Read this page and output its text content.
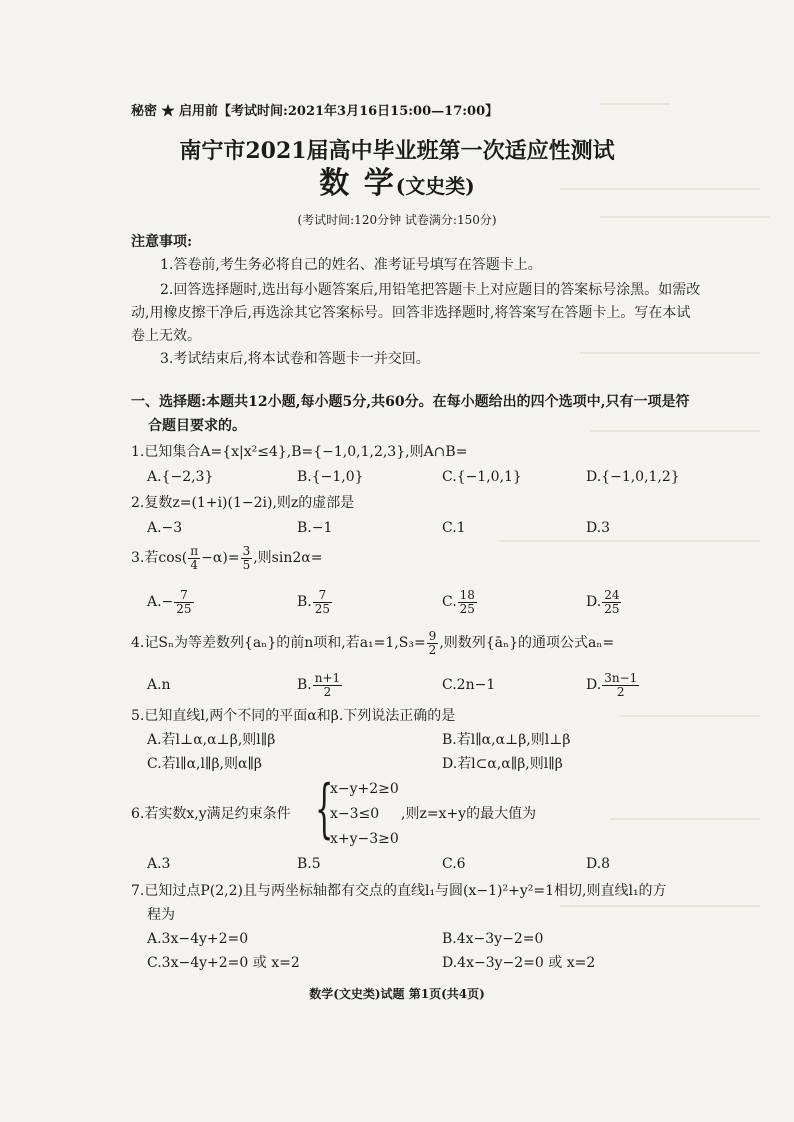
秘密 ★ 启用前【考试时间:2021年3月16日15:00—17:00】
南宁市2021届高中毕业班第一次适应性测试
数 学(文史类)
(考试时间:120分钟 试卷满分:150分)
注意事项:
1.答卷前,考生务必将自己的姓名、准考证号填写在答题卡上。
2.回答选择题时,选出每小题答案后,用铅笔把答题卡上对应题目的答案标号涂黑。如需改
动,用橡皮擦干净后,再选涂其它答案标号。回答非选择题时,将答案写在答题卡上。写在本试
卷上无效。
3.考试结束后,将本试卷和答题卡一并交回。
一、选择题:本题共12小题,每小题5分,共60分。在每小题给出的四个选项中,只有一项是符
合题目要求的。
1.已知集合A={x|x²≤4},B={−1,0,1,2,3},则A∩B=
A.{−2,3}	B.{−1,0}	C.{−1,0,1}	D.{−1,0,1,2}
2.复数z=(1+i)(1−2i),则z的虚部是
A.−3	B.−1	C.1	D.3
3.若$\cos( \frac{\pi}{4} -\alpha)= \frac{3}{5}$ ,则sin2α=
$A.- \frac{7}{25}$	B. $\frac{7}{25}$	C. $\frac{18}{25}$	D. $\frac{24}{25}$
4.记Sₙ为等差数列{aₙ}的前n项和,若$a_1=1,S_3= \frac{9}{2}$ ,则数列{āₙ}的通项公式aₙ=
A.n	B. $\frac{n+1}{2}$	C.2n−1	D. $\frac{3n-1}{2}$
5.已知直线l,两个不同的平面α和β.下列说法正确的是
A.若l⊥α,α⊥β,则l∥β	B.若l∥α,α⊥β,则l⊥β
C.若l∥α,l∥β,则α∥β	D.若l⊂α,α∥β,则l∥β
6.若实数x,y满足约束条件 {
x−y+2≥0
x−3≤0
x+y−3≥0
,则z=x+y的最大值为
A.3	B.5	C.6	D.8
7.已知过点P(2,2)且与两坐标轴都有交点的直线l₁与圆(x−1)²+y²=1相切,则直线l₁的方
程为
A.3x−4y+2=0	B.4x−3y−2=0
C.3x−4y+2=0 或 x=2	D.4x−3y−2=0 或 x=2
数学(文史类)试题 第1页(共4页)
